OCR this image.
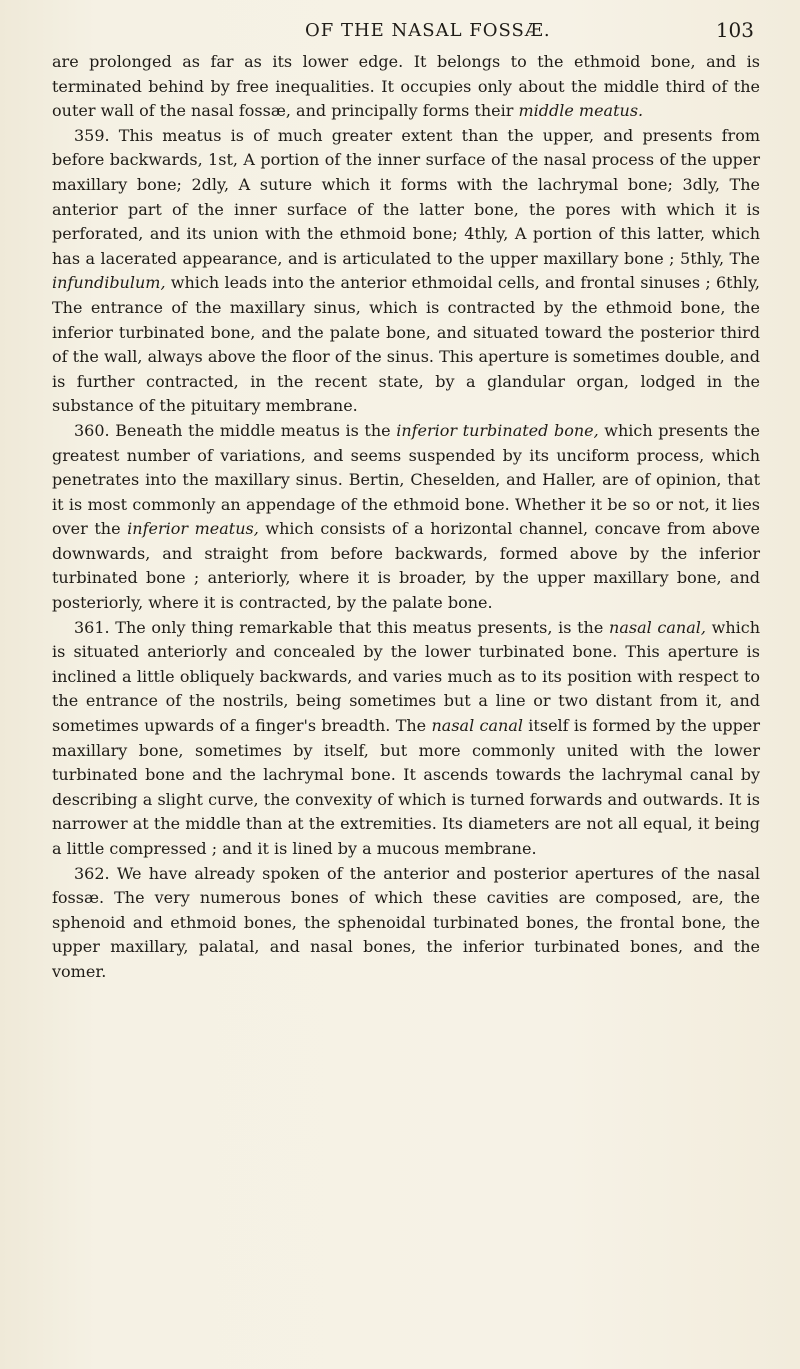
OF THE NASAL FOSSÆ.	103

are prolonged as far as its lower edge. It belongs to the ethmoid bone, and is terminated behind by free inequalities. It occupies only about the middle third of the outer wall of the nasal fossæ, and principally forms their middle meatus.

359. This meatus is of much greater extent than the upper, and presents from before backwards, 1st, A portion of the inner surface of the nasal process of the upper maxillary bone; 2dly, A suture which it forms with the lachrymal bone; 3dly, The anterior part of the inner surface of the latter bone, the pores with which it is perforated, and its union with the ethmoid bone; 4thly, A portion of this latter, which has a lacerated appearance, and is articulated to the upper maxillary bone ; 5thly, The infundibulum, which leads into the anterior ethmoidal cells, and frontal sinuses ; 6thly, The entrance of the maxillary sinus, which is contracted by the ethmoid bone, the inferior turbinated bone, and the palate bone, and situated toward the posterior third of the wall, always above the floor of the sinus. This aperture is sometimes double, and is further contracted, in the recent state, by a glandular organ, lodged in the substance of the pituitary membrane.

360. Beneath the middle meatus is the inferior turbinated bone, which presents the greatest number of variations, and seems suspended by its unciform process, which penetrates into the maxillary sinus. Bertin, Cheselden, and Haller, are of opinion, that it is most commonly an appendage of the ethmoid bone. Whether it be so or not, it lies over the inferior meatus, which consists of a horizontal channel, concave from above downwards, and straight from before backwards, formed above by the inferior turbinated bone ; anteriorly, where it is broader, by the upper maxillary bone, and posteriorly, where it is contracted, by the palate bone.

361. The only thing remarkable that this meatus presents, is the nasal canal, which is situated anteriorly and concealed by the lower turbinated bone. This aperture is inclined a little obliquely backwards, and varies much as to its position with respect to the entrance of the nostrils, being sometimes but a line or two distant from it, and sometimes upwards of a finger's breadth. The nasal canal itself is formed by the upper maxillary bone, sometimes by itself, but more commonly united with the lower turbinated bone and the lachrymal bone. It ascends towards the lachrymal canal by describing a slight curve, the convexity of which is turned forwards and outwards. It is narrower at the middle than at the extremities. Its diameters are not all equal, it being a little compressed ; and it is lined by a mucous membrane.

362. We have already spoken of the anterior and posterior apertures of the nasal fossæ. The very numerous bones of which these cavities are composed, are, the sphenoid and ethmoid bones, the sphenoidal turbinated bones, the frontal bone, the upper maxillary, palatal, and nasal bones, the inferior turbinated bones, and the vomer.
